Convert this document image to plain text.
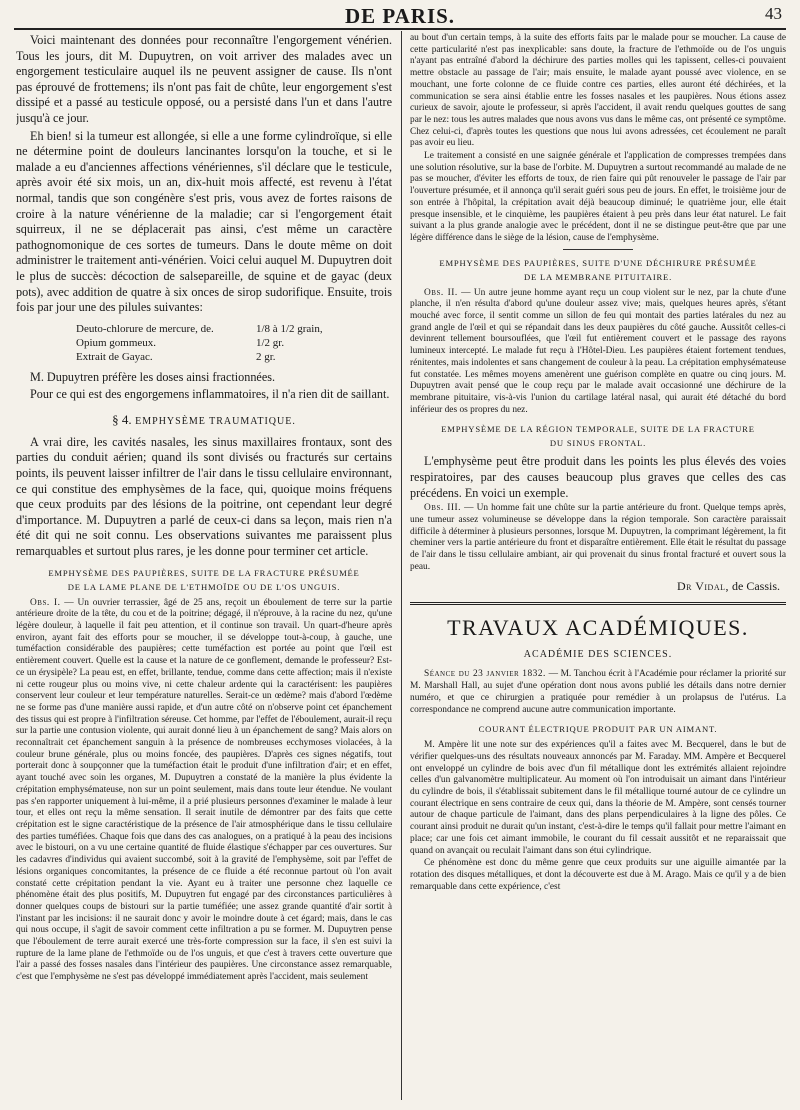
DE PARIS.	43

Voici maintenant des données pour reconnaître l'engorgement vénérien. Tous les jours, dit M. Dupuytren, on voit arriver des malades avec un engorgement testiculaire auquel ils ne peuvent assigner de cause. Ils n'ont pas éprouvé de frottemens; ils n'ont pas fait de chûte, leur engorgement s'est dissipé et a passé au testicule opposé, ou a persisté dans l'un et dans l'autre jusqu'à ce jour.

Eh bien! si la tumeur est allongée, si elle a une forme cylindroïque, si elle ne détermine point de douleurs lancinantes lorsqu'on la touche, et si le malade a eu d'anciennes affections vénériennes, s'il déclare que le testicule, après avoir été six mois, un an, dix-huit mois affecté, est revenu à l'état normal, tandis que son congénère s'est pris, vous avez de fortes raisons de croire à la nature vénérienne de la maladie; car si l'engorgement était squirreux, il ne se déplacerait pas ainsi, c'est même un caractère pathognomonique de ces sortes de tumeurs. Dans le doute même on doit administrer le traitement anti-vénérien. Voici celui auquel M. Dupuytren doit le plus de succès: décoction de salsepareille, de squine et de gayac (deux pots), avec addition de quatre à six onces de sirop sudorifique. Ensuite, trois fois par jour une des pilules suivantes:

Deuto-chlorure de mercure, de.	1/8 à 1/2 grain,
Opium gommeux.	1/2 gr.
Extrait de Gayac.	2 gr.

M. Dupuytren préfère les doses ainsi fractionnées.

Pour ce qui est des engorgemens inflammatoires, il n'a rien dit de saillant.

§ 4. EMPHYSÈME TRAUMATIQUE.

A vrai dire, les cavités nasales, les sinus maxillaires frontaux, sont des parties du conduit aérien; quand ils sont divisés ou fracturés sur certains points, ils peuvent laisser infiltrer de l'air dans le tissu cellulaire environnant, ce qui constitue des emphysèmes de la face, qui, quoique moins fréquens que ceux produits par des lésions de la poitrine, ont cependant leur degré d'importance. M. Dupuytren a parlé de ceux-ci dans sa leçon, mais rien n'a été dit qui ne soit connu. Les observations suivantes me paraissent plus remarquables et surtout plus rares, je les donne pour terminer cet article.

EMPHYSÈME DES PAUPIÈRES, SUITE DE LA FRACTURE PRÉSUMÉE
DE LA LAME PLANE DE L'ETHMOÏDE OU DE L'OS UNGUIS.

Obs. I. — Un ouvrier terrassier, âgé de 25 ans, reçoit un éboulement de terre sur la partie antérieure droite de la tête, du cou et de la poitrine; dégagé, il n'éprouve, à la racine du nez, qu'une légère douleur, à laquelle il fait peu attention, et il continue son travail. Un quart-d'heure après environ, ayant fait des efforts pour se moucher, il se développe tout-à-coup, à gauche, une tuméfaction considérable des paupières; cette tuméfaction est portée au point que l'œil est entièrement couvert. Quelle est la cause et la nature de ce gonflement, demande le professeur? Est-ce un érysipèle? La peau est, en effet, brillante, tendue, comme dans cette affection; mais il n'existe ni cette rougeur plus ou moins vive, ni cette chaleur ardente qui la caractérisent: les paupières conservent leur couleur et leur température naturelles. Serait-ce un œdème? mais d'abord l'œdème ne se forme pas d'une manière aussi rapide, et d'un autre côté on n'observe point cet épanchement des tissus qui est propre à l'infiltration séreuse. Cet homme, par l'effet de l'éboulement, aurait-il reçu sur la partie une contusion violente, qui aurait donné lieu à un épanchement de sang? Mais alors on reconnaîtrait cet épanchement sanguin à la présence de nombreuses ecchymoses violacées, à la couleur brune générale, plus ou moins foncée, des paupières. D'après ces signes négatifs, tout porterait donc à soupçonner que la tuméfaction était le produit d'une infiltration d'air; et en effet, ayant touché avec soin les organes, M. Dupuytren a constaté de la manière la plus évidente la crépitation emphysémateuse, non sur un point seulement, mais dans toute leur étendue. Ne voulant pas s'en rapporter uniquement à lui-même, il a prié plusieurs personnes d'examiner le malade à leur tour, et elles ont reçu la même sensation. Il serait inutile de démontrer par des faits que cette crépitation est le signe caractéristique de la présence de l'air atmosphérique dans le tissu cellulaire des parties tuméfiées. Chaque fois que dans des cas analogues, on a pratiqué à la peau des incisions avec le bistouri, on a vu une certaine quantité de fluide élastique s'échapper par ces ouvertures. Sur les cadavres d'individus qui avaient succombé, soit à la gravité de l'emphysème, soit par l'effet de lésions organiques concomitantes, la présence de ce fluide a été reconnue partout où l'on avait constaté cette crépitation pendant la vie. Ayant eu à traiter une personne chez laquelle ce phénomène était des plus positifs, M. Dupuytren fut engagé par des circonstances particulières à donner quelques coups de bistouri sur la partie tuméfiée; une assez grande quantité d'air sortit à l'instant par les incisions: il ne saurait donc y avoir le moindre doute à cet égard; mais, dans le cas qui nous occupe, il s'agit de savoir comment cette infiltration a pu se former. M. Dupuytren pense que l'éboulement de terre aurait exercé une très-forte compression sur la face, il s'en est suivi la rupture de la lame plane de l'ethmoïde ou de l'os unguis, et que c'est à travers cette ouverture que l'air a passé des fosses nasales dans l'intérieur des paupières. Une circonstance assez remarquable, c'est que l'emphysème ne s'est pas développé immédiatement après l'accident, mais seulement

au bout d'un certain temps, à la suite des efforts faits par le malade pour se moucher. La cause de cette particularité n'est pas inexplicable: sans doute, la fracture de l'ethmoïde ou de l'os unguis n'ayant pas entraîné d'abord la déchirure des parties molles qui les tapissent, celles-ci pouvaient mettre obstacle au passage de l'air; mais ensuite, le malade ayant poussé avec violence, en se mouchant, une forte colonne de ce fluide contre ces parties, elles auront été déchirées, et la communication se sera ainsi établie entre les fosses nasales et les paupières. Nous étions assez curieux de savoir, ajoute le professeur, si après l'accident, il avait rendu quelques gouttes de sang par le nez: tous les autres malades que nous avons vus dans le même cas, ont présenté ce symptôme. Chez celui-ci, d'après toutes les questions que nous lui avons adressées, cet écoulement ne paraît pas avoir eu lieu.

Le traitement a consisté en une saignée générale et l'application de compresses trempées dans une solution résolutive, sur la base de l'orbite. M. Dupuytren a surtout recommandé au malade de ne pas se moucher, d'éviter les efforts de toux, de rien faire qui pût renouveler le passage de l'air par l'ouverture présumée, et il annonça qu'il serait guéri sous peu de jours. En effet, le troisième jour de son entrée à l'hôpital, la crépitation avait déjà beaucoup diminué; le quatrième jour, elle était presque insensible, et le cinquième, les paupières étaient à peu près dans leur état naturel. Le fait suivant a la plus grande analogie avec le précédent, dont il ne se distingue peut-être que par une légère différence dans le siège de la lésion, cause de l'emphysème.

EMPHYSÈME DES PAUPIÈRES, SUITE D'UNE DÉCHIRURE PRÉSUMÉE
DE LA MEMBRANE PITUITAIRE.

Obs. II. — Un autre jeune homme ayant reçu un coup violent sur le nez, par la chute d'une planche, il n'en résulta d'abord qu'une douleur assez vive; mais, quelques heures après, s'étant mouché avec force, il sentit comme un sillon de feu qui montait des parties latérales du nez au grand angle de l'œil et qui se répandait dans les deux paupières du côté gauche. Aussitôt celles-ci devinrent tellement boursouflées, que l'œil fut entièrement couvert et le passage des rayons lumineux intercepté. Le malade fut reçu à l'Hôtel-Dieu. Les paupières étaient fortement tendues, rénitentes, mais indolentes et sans changement de couleur à la peau. La crépitation emphysémateuse fut constatée. Les mêmes moyens amenèrent une guérison complète en quatre ou cinq jours. M. Dupuytren avait pensé que le coup reçu par le malade avait occasionné une déchirure de la membrane pituitaire, vis-à-vis l'union du cartilage latéral nasal, qui aurait été détaché du bord inférieur des os propres du nez.

EMPHYSÈME DE LA RÉGION TEMPORALE, SUITE DE LA FRACTURE
DU SINUS FRONTAL.

L'emphysème peut être produit dans les points les plus élevés des voies respiratoires, par des causes beaucoup plus graves que celles des cas précédens. En voici un exemple.

Obs. III. — Un homme fait une chûte sur la partie antérieure du front. Quelque temps après, une tumeur assez volumineuse se développe dans la région temporale. Son caractère paraissait difficile à déterminer à plusieurs personnes, lorsque M. Dupuytren, la comprimant légèrement, la fit cheminer vers la partie antérieure du front et disparaître entièrement. Elle était le résultat du passage de l'air dans le tissu cellulaire ambiant, air qui provenait du sinus frontal fracturé et ouvert sous la peau.

Dr Vidal, de Cassis.
TRAVAUX ACADÉMIQUES.
ACADÉMIE DES SCIENCES.

Séance du 23 janvier 1832. — M. Tanchou écrit à l'Académie pour réclamer la priorité sur M. Marshall Hall, au sujet d'une opération dont nous avons publié les détails dans notre dernier numéro, et que ce chirurgien a pratiquée pour remédier à un prolapsus de l'utérus. La correspondance ne comprend aucune autre communication importante.

COURANT ÉLECTRIQUE PRODUIT PAR UN AIMANT.

M. Ampère lit une note sur des expériences qu'il a faites avec M. Becquerel, dans le but de vérifier quelques-uns des résultats nouveaux annoncés par M. Faraday. MM. Ampère et Becquerel ont enveloppé un cylindre de bois avec d'un fil métallique dont les extrémités allaient rejoindre celles d'un galvanomètre multiplicateur. Au moment où l'on introduisait un aimant dans l'intérieur du cylindre de bois, il s'établissait subitement dans le fil métallique tourné autour de ce cylindre un courant électrique en sens contraire de ceux qui, dans la théorie de M. Ampère, sont censés tourner autour de chaque particule de l'aimant, dans des plans perpendiculaires à la ligne des pôles. Ce courant ainsi produit ne durait qu'un instant, c'est-à-dire le temps qu'il fallait pour mettre l'aimant en place; car une fois cet aimant immobile, le courant du fil cessait aussitôt et ne reparaissait que quand on avançait ou reculait l'aimant dans son étui cylindrique.

Ce phénomène est donc du même genre que ceux produits sur une aiguille aimantée par la rotation des disques métalliques, et dont la découverte est due à M. Arago. Mais ce qu'il y a de bien remarquable dans cette expérience, c'est
